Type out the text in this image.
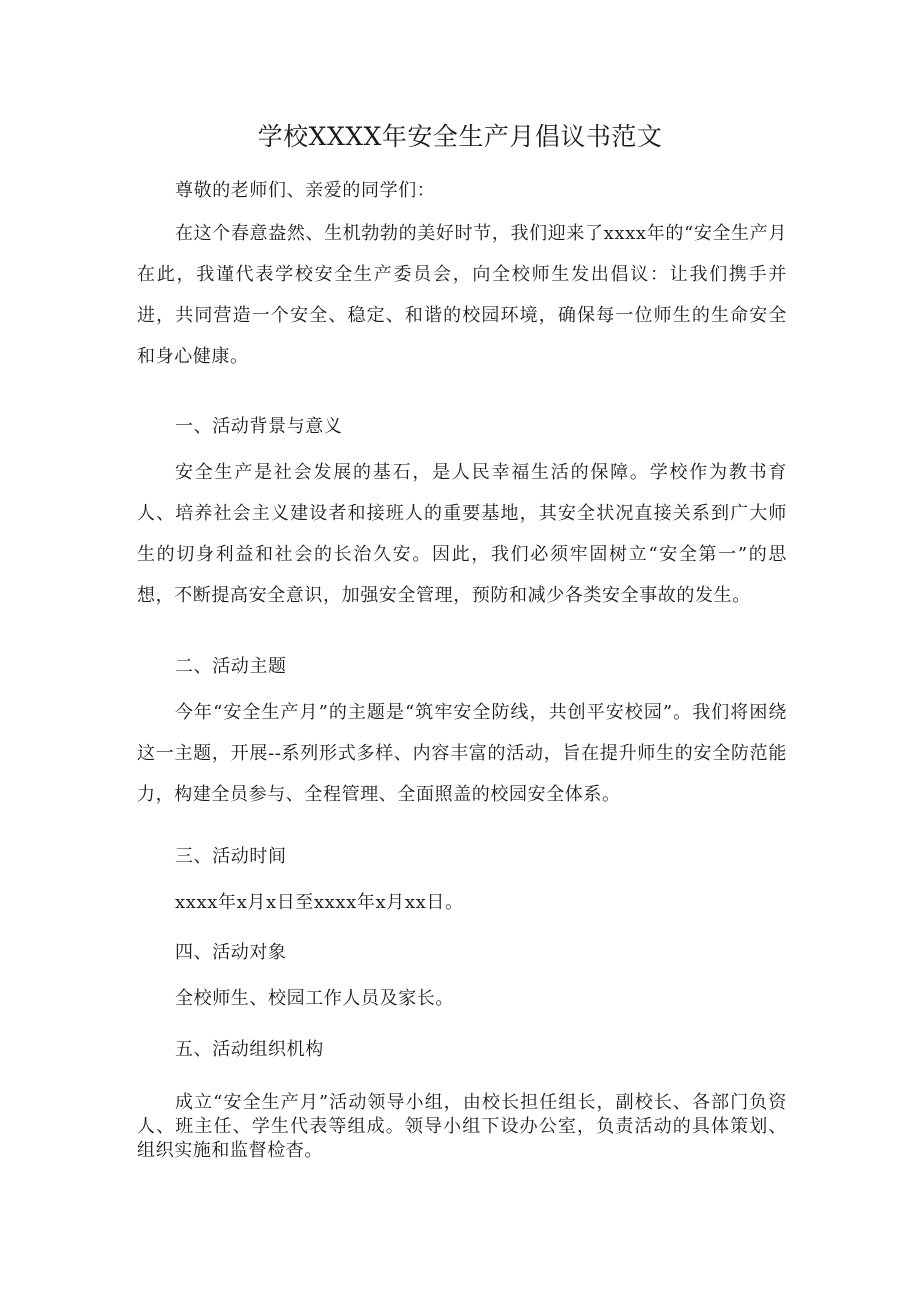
学校XXXX年安全生产月倡议书范文
尊敬的老师们、亲爱的同学们：
在这个春意盎然、生机勃勃的美好时节，我们迎来了xxxx年的“安全生产月在此，我谨代表学校安全生产委员会，向全校师生发出倡议：让我们携手并进，共同营造一个安全、稳定、和谐的校园环境，确保每一位师生的生命安全和身心健康。
一、活动背景与意义
安全生产是社会发展的基石，是人民幸福生活的保障。学校作为教书育人、培养社会主义建设者和接班人的重要基地，其安全状况直接关系到广大师生的切身利益和社会的长治久安。因此，我们必须牢固树立“安全第一”的思想，不断提高安全意识，加强安全管理，预防和减少各类安全事故的发生。
二、活动主题
今年“安全生产月”的主题是“筑牢安全防线，共创平安校园”。我们将困绕这一主题，开展--系列形式多样、内容丰富的活动，旨在提升师生的安全防范能力，构建全员参与、全程管理、全面照盖的校园安全体系。
三、活动时间
xxxx年x月x日至xxxx年x月xx日。
四、活动对象
全校师生、校园工作人员及家长。
五、活动组织机构
成立“安全生产月”活动领导小组，由校长担任组长，副校长、各部门负资人、班主任、学生代表等组成。领导小组下设办公室，负责活动的具体策划、组织实施和监督检杳。
